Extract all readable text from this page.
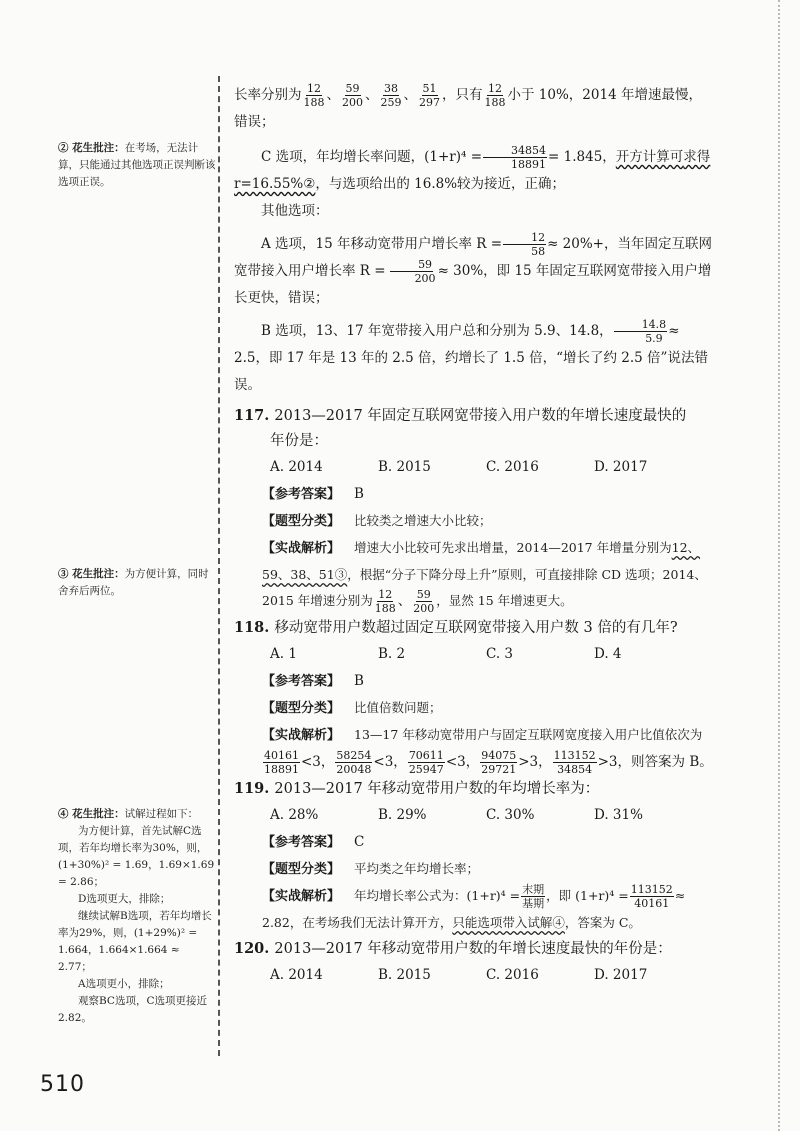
② 花生批注：在考场，无法计算，只能通过其他选项正误判断该选项正误。

③ 花生批注：为方便计算，同时舍弃后两位。

④ 花生批注：试解过程如下：

为方便计算，首先试解C选项，若年均增长率为30%，则，(1+30%)² = 1.69，1.69×1.69 = 2.86；

D选项更大，排除；

继续试解B选项，若年均增长率为29%，则，(1+29%)² = 1.664，1.664×1.664 ≈ 2.77；

A选项更小，排除；

观察BC选项，C选项更接近2.82。

长率分别为 $\frac{12}{188}$ 、 $\frac{59}{200}$ 、 $\frac{38}{259}$ 、 $\frac{51}{297}$ ，只有 $\frac{12}{188}$ 小于 10%，2014 年增速最慢，

错误；

C 选项，年均增长率问题，$(1+r)^4 = \frac{34854}{18891} = 1.845$，开方计算可求得 r=16.55%②，与选项给出的 16.8%较为接近，正确；

其他选项：

A 选项，15 年移动宽带用户增长率 $R = \frac{12}{58} \approx 20\%+$，当年固定互联网宽带接入用户增长率 $R = \frac{59}{200} \approx 30\%$，即 15 年固定互联网宽带接入用户增长更快，错误；

B 选项，13、17 年宽带接入用户总和分别为 5.9、14.8， $\frac{14.8}{5.9} \approx 2.5$，即 17 年是 13 年的 2.5 倍，约增长了 1.5 倍，“增长了约 2.5 倍”说法错误。

117. 2013—2017 年固定互联网宽带接入用户数的年增长速度最快的

年份是：

A. 2014	B. 2015	C. 2016	D. 2017

【参考答案】 B

【题型分类】 比较类之增速大小比较；

【实战解析】 增速大小比较可先求出增量，2014—2017 年增量分别为12、59、38、51③，根据“分子下降分母上升”原则，可直接排除 CD 选项；2014、2015 年增速分别为 $\frac{12}{188}$ 、 $\frac{59}{200}$ ，显然 15 年增速更大。

118. 移动宽带用户数超过固定互联网宽带接入用户数 3 倍的有几年?

A. 1	B. 2	C. 3	D. 4

【参考答案】 B

【题型分类】 比值倍数问题；

【实战解析】 13—17 年移动宽带用户与固定互联网宽度接入用户比值依次为
$\frac{40161}{18891} <3$， $\frac{58254}{20048} <3$， $\frac{70611}{25947} <3$， $\frac{94075}{29721} >3$， $\frac{113152}{34854} >3$，则答案为 B。

119. 2013—2017 年移动宽带用户数的年均增长率为：

A. 28%	B. 29%	C. 30%	D. 31%

【参考答案】 C

【题型分类】 平均类之年均增长率；

【实战解析】 年均增长率公式为：$(1+r)^4 = \frac{\text{末期}}{\text{基期}}$ ，即 $(1+r)^4 = \frac{113152}{40161} \approx 2.82$，在考场我们无法计算开方，只能选项带入试解④，答案为 C。

120. 2013—2017 年移动宽带用户数的年增长速度最快的年份是：

A. 2014	B. 2015	C. 2016	D. 2017
510
